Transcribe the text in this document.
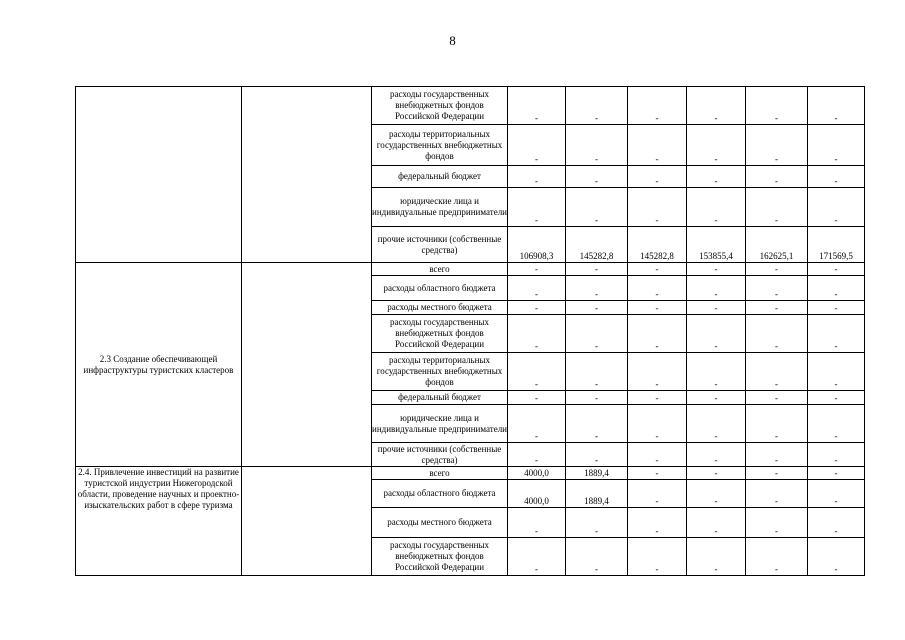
8
		расходы государственных внебюджетных фондов Российской Федерации	-	-	-	-	-	-
		расходы территориальных государственных внебюджетных фондов	-	-	-	-	-	-
		федеральный бюджет	-	-	-	-	-	-
		юридические лица и индивидуальные предприниматели	-	-	-	-	-	-
		прочие источники (собственные средства)	106908,3	145282,8	145282,8	153855,4	162625,1	171569,5
2.3 Создание обеспечивающей инфраструктуры туристских кластеров		всего	-	-	-	-	-	-
		расходы областного бюджета	-	-	-	-	-	-
		расходы местного бюджета	-	-	-	-	-	-
		расходы государственных внебюджетных фондов Российской Федерации	-	-	-	-	-	-
		расходы территориальных государственных внебюджетных фондов	-	-	-	-	-	-
		федеральный бюджет	-	-	-	-	-	-
		юридические лица и индивидуальные предприниматели	-	-	-	-	-	-
		прочие источники (собственные средства)	-	-	-	-	-	-
2.4. Привлечение инвестиций на развитие туристской индустрии Нижегородской области, проведение научных и проектно-изыскательских работ в сфере туризма		всего	4000,0	1889,4	-	-	-	-
		расходы областного бюджета	4000,0	1889,4	-	-	-	-
		расходы местного бюджета	-	-	-	-	-	-
		расходы государственных внебюджетных фондов Российской Федерации	-	-	-	-	-	-
